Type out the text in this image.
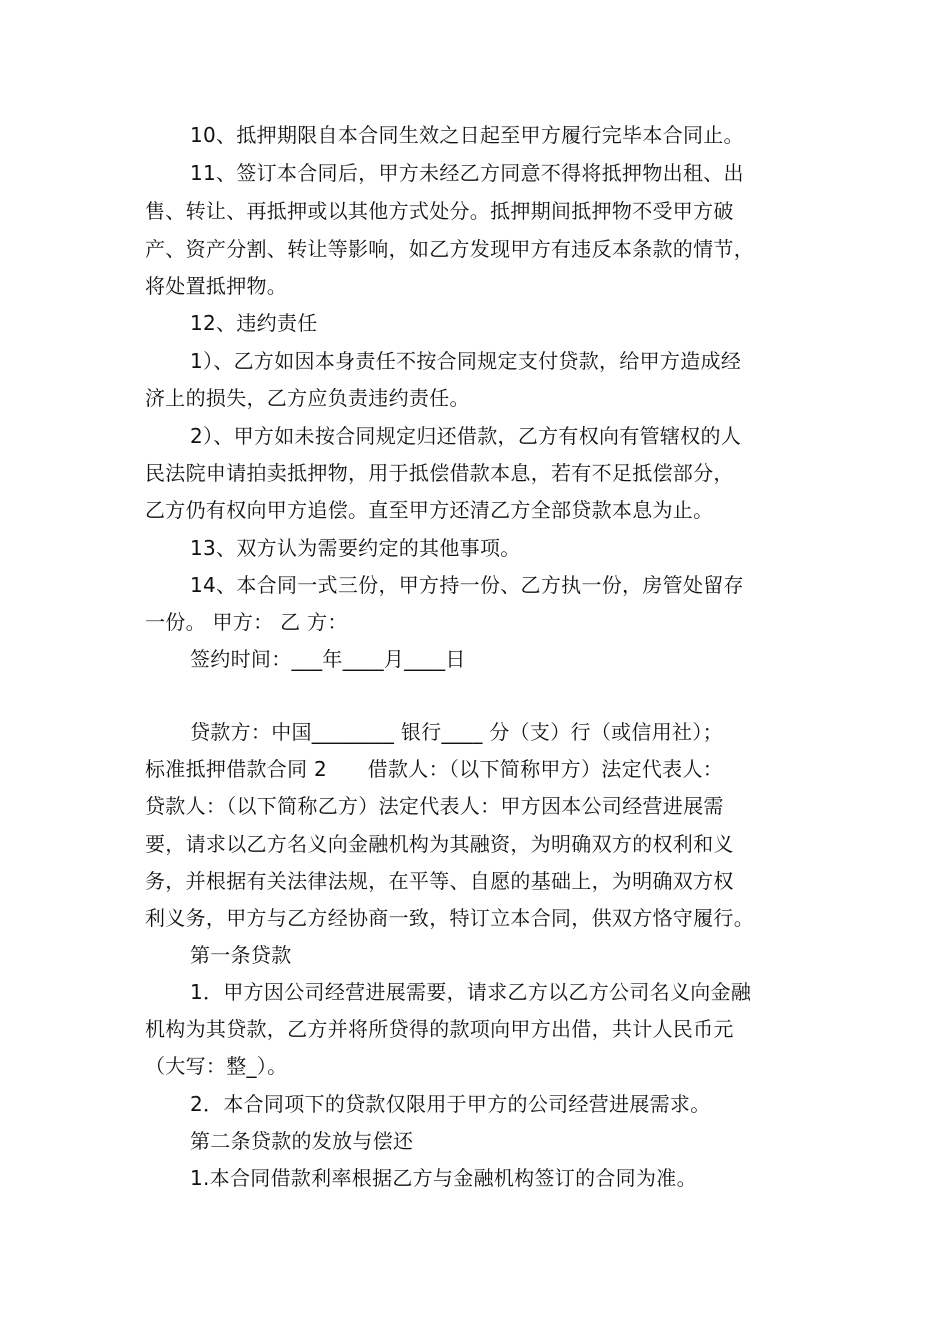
10、抵押期限自本合同生效之日起至甲方履行完毕本合同止。
11、签订本合同后，甲方未经乙方同意不得将抵押物出租、出
售、转让、再抵押或以其他方式处分。抵押期间抵押物不受甲方破
产、资产分割、转让等影响，如乙方发现甲方有违反本条款的情节，
将处置抵押物。
12、违约责任
1）、乙方如因本身责任不按合同规定支付贷款，给甲方造成经
济上的损失，乙方应负责违约责任。
2）、甲方如未按合同规定归还借款，乙方有权向有管辖权的人
民法院申请拍卖抵押物，用于抵偿借款本息，若有不足抵偿部分，
乙方仍有权向甲方追偿。直至甲方还清乙方全部贷款本息为止。
13、双方认为需要约定的其他事项。
14、本合同一式三份，甲方持一份、乙方执一份，房管处留存
一份。 甲方： 乙 方：
签约时间：___年____月____日
贷款方：中国________ 银行____ 分（支）行（或信用社）；
标准抵押借款合同 2　　借款人：（以下简称甲方）法定代表人：
贷款人：（以下简称乙方）法定代表人：甲方因本公司经营进展需
要，请求以乙方名义向金融机构为其融资，为明确双方的权利和义
务，并根据有关法律法规，在平等、自愿的基础上，为明确双方权
利义务，甲方与乙方经协商一致，特订立本合同，供双方恪守履行。
第一条贷款
1．甲方因公司经营进展需要，请求乙方以乙方公司名义向金融
机构为其贷款，乙方并将所贷得的款项向甲方出借，共计人民币元
（大写：整_）。
2．本合同项下的贷款仅限用于甲方的公司经营进展需求。
第二条贷款的发放与偿还
1.本合同借款利率根据乙方与金融机构签订的合同为准。
